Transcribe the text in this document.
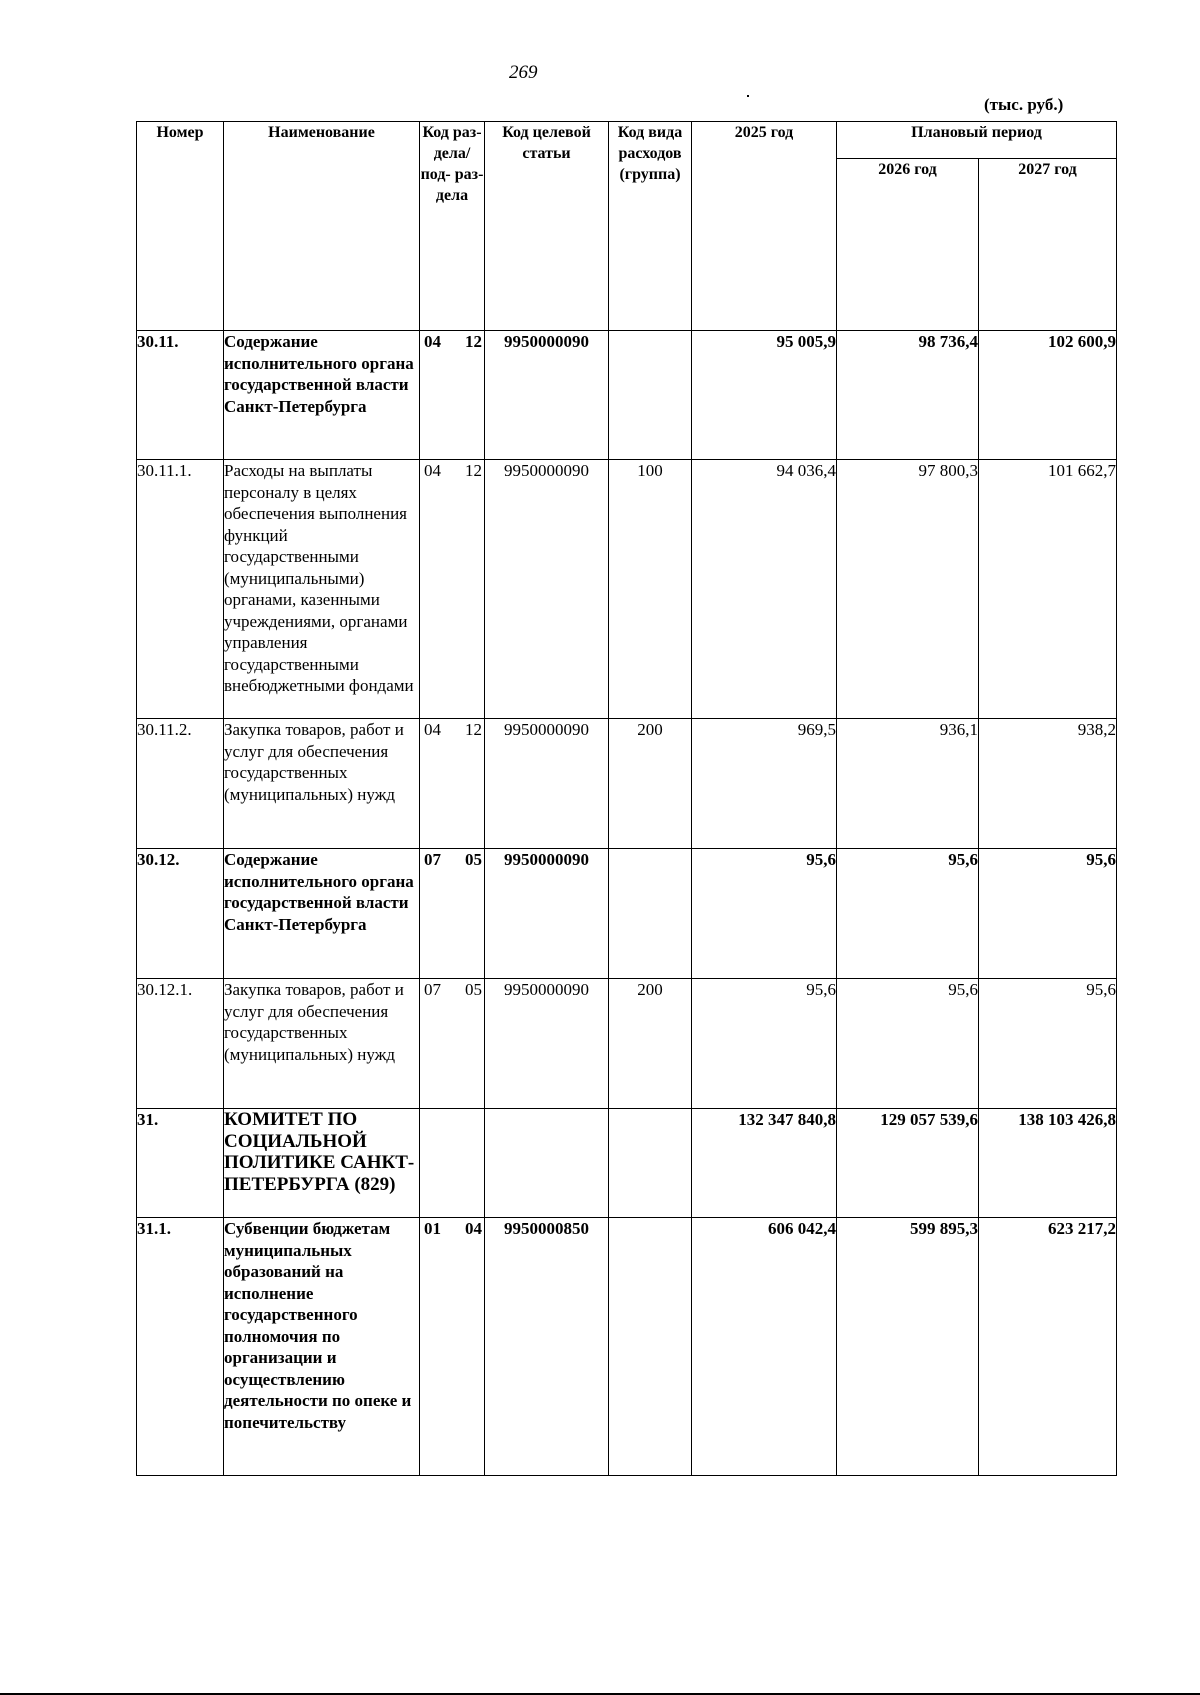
269
(тыс. руб.)
Номер	Наименование	Код раз- дела/ под- раз- дела	Код целевой статьи	Код вида расходов (группа)	2025 год	Плановый период	
						2026 год	2027 год
30.11.	Содержание исполнительного органа государственной власти Санкт-Петербурга	04 12	9950000090		95 005,9	98 736,4	102 600,9
30.11.1.	Расходы на выплаты персоналу в целях обеспечения выполнения функций государственными (муниципальными) органами, казенными учреждениями, органами управления государственными внебюджетными фондами	04 12	9950000090	100	94 036,4	97 800,3	101 662,7
30.11.2.	Закупка товаров, работ и услуг для обеспечения государственных (муниципальных) нужд	04 12	9950000090	200	969,5	936,1	938,2
30.12.	Содержание исполнительного органа государственной власти Санкт-Петербурга	07 05	9950000090		95,6	95,6	95,6
30.12.1.	Закупка товаров, работ и услуг для обеспечения государственных (муниципальных) нужд	07 05	9950000090	200	95,6	95,6	95,6
31.	КОМИТЕТ ПО СОЦИАЛЬНОЙ ПОЛИТИКЕ САНКТ-ПЕТЕРБУРГА (829)				132 347 840,8	129 057 539,6	138 103 426,8
31.1.	Субвенции бюджетам муниципальных образований на исполнение государственного полномочия по организации и осуществлению деятельности по опеке и попечительству	01 04	9950000850		606 042,4	599 895,3	623 217,2
